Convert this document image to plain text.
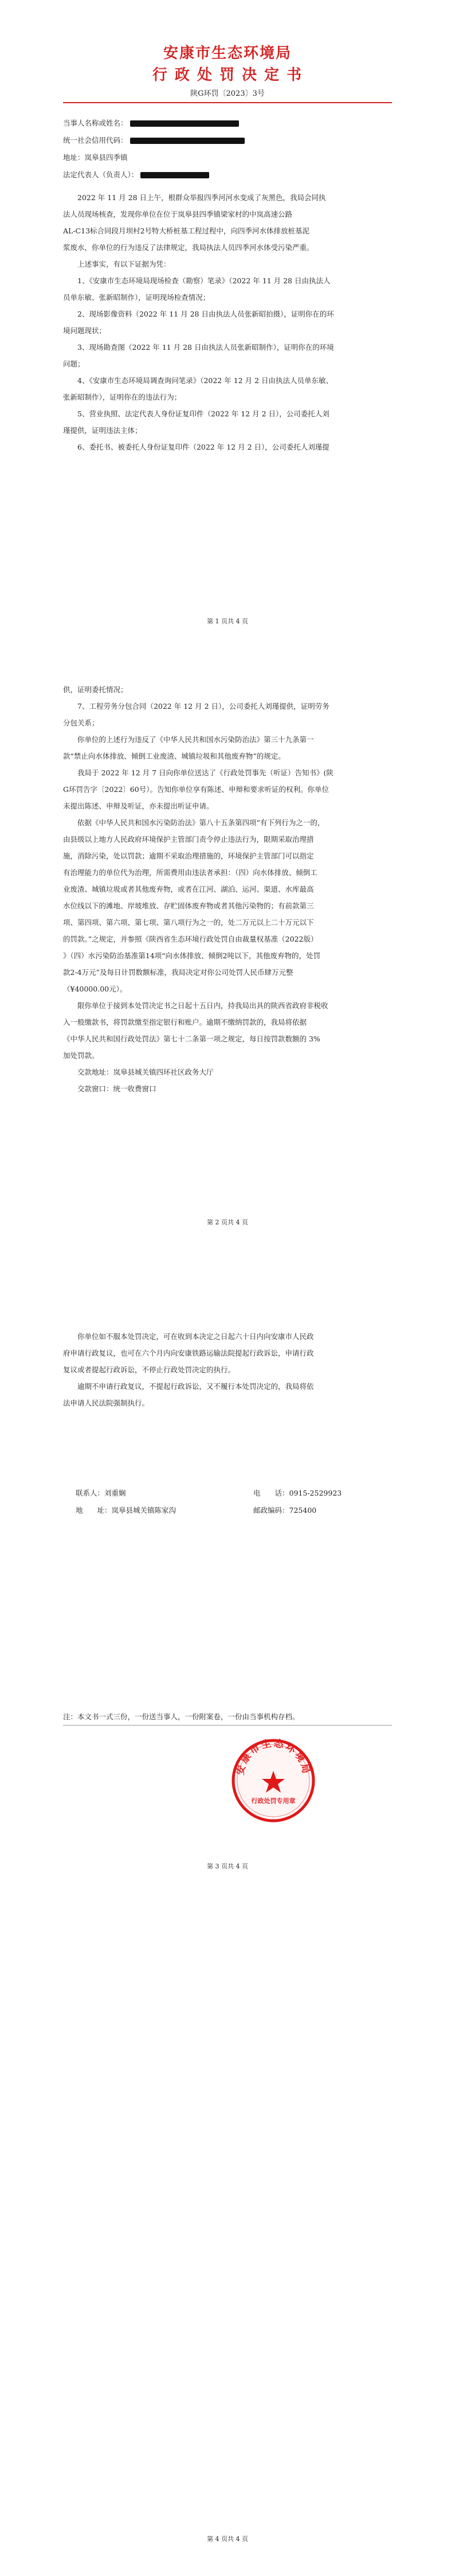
安康市生态环境局
行 政 处 罚 决 定 书
陕G环罚〔2023〕3号
当事人名称或姓名：
统一社会信用代码：
地址：岚皋县四季镇
法定代表人（负责人）：
2022 年 11 月 28 日上午，根群众举报四季河河水变成了灰黑色，我局会同执
法人员现场核查，发现你单位在位于岚皋县四季镇梁家村的中岚高速公路
AL-C13标合同段月坝村2号特大桥桩基工程过程中，向四季河水体排放桩基泥
浆废水，你单位的行为违反了法律规定，我局执法人员四季河水体受污染严重。
上述事实，有以下证据为凭：
1、《安康市生态环境局现场检查（勘察）笔录》（2022 年 11 月 28 日由执法人
员单东敏、张新昭制作），证明现场检查情况；
2、现场影像资料（2022 年 11 月 28 日由执法人员张新昭拍摄），证明你在的环
境问题现状；
3、现场勘查图（2022 年 11 月 28 日由执法人员张新昭制作），证明你在的环境
问题；
4、《安康市生态环境局调查询问笔录》（2022 年 12 月 2 日由执法人员单东敏、
张新昭制作），证明你在的违法行为；
5、营业执照、法定代表人身份证复印件（2022 年 12 月 2 日），公司委托人刘
瑾提供，证明违法主体；
6、委托书、被委托人身份证复印件（2022 年 12 月 2 日），公司委托人刘瑾提
第 1 页共 4 页
供，证明委托情况；
7、工程劳务分包合同（2022 年 12 月 2 日），公司委托人刘瑾提供，证明劳务
分包关系；
你单位的上述行为违反了《中华人民共和国水污染防治法》第三十九条第一
款“禁止向水体排放、倾倒工业废渣、城镇垃圾和其他废弃物”的规定。
我局于 2022 年 12 月 7 日向你单位送达了《行政处罚事先（听证）告知书》(陕
G环罚告字〔2022〕60号）。告知你单位享有陈述、申辩和要求听证的权利。你单位
未提出陈述、申辩及听证，亦未提出听证申请。
依据《中华人民共和国水污染防治法》第八十五条第四项“有下列行为之一的，
由县级以上地方人民政府环境保护主管部门责令停止违法行为，限期采取治理措
施，消除污染，处以罚款；逾期不采取治理措施的，环境保护主管部门可以指定
有治理能力的单位代为治理，所需费用由违法者承担：（四）向水体排放、倾倒工
业废渣、城镇垃圾或者其他废弃物，或者在江河、湖泊、运河、渠道、水库最高
水位线以下的滩地、岸坡堆放、存贮固体废弃物或者其他污染物的；有前款第三
项、第四项、第六项、第七项、第八项行为之一的，处二万元以上二十万元以下
的罚款。”之规定，并参照《陕西省生态环境行政处罚自由裁量权基准（2022版）
》（四）水污染防治基准第14项“向水体排放、倾倒2吨以下，其他废弃物的，处罚
款2-4万元”及每日计罚数额标准，我局决定对你公司处罚人民币肆万元整
（¥40000.00元）。
限你单位于接到本处罚决定书之日起十五日内，持我局出具的陕西省政府非税收
入一般缴款书，将罚款缴至指定银行和账户。逾期不缴纳罚款的，我局将依据
《中华人民共和国行政处罚法》第七十二条第一项之规定，每日按罚款数额的 3%
加处罚款。
交款地址：岚皋县城关镇四环社区政务大厅
交款窗口：统一收费窗口
第 2 页共 4 页
你单位如不服本处罚决定，可在收到本决定之日起六十日内向安康市人民政
府申请行政复议，也可在六个月内向安康铁路运输法院提起行政诉讼，申请行政
复议或者提起行政诉讼，不停止行政处罚决定的执行。
逾期不申请行政复议，不提起行政诉讼，又不履行本处罚决定的，我局将依
法申请人民法院强制执行。
联系人：刘重娴	电　　话：0915-2529923
地　　址：岚皋县城关镇陈家沟	邮政编码：725400
注：本文书一式三份，一份送当事人，一份附案卷，一份由当事机构存档。
第 3 页共 4 页
安康市生态环境局
行政处罚专用章
第 4 页共 4 页
